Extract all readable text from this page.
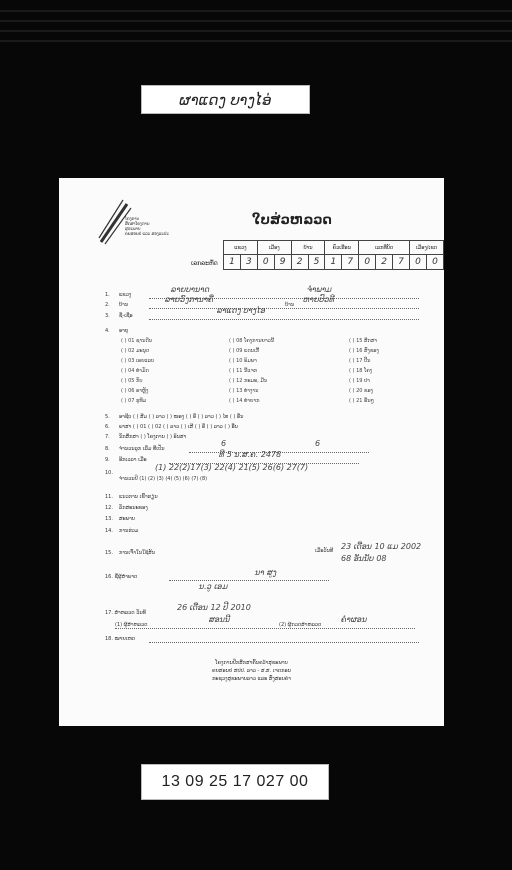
ຜາແດງ ບາງໄອ່
ໂຄງການ
ສຶກສາໂຄງການ
ສຸຂະພາບ
ຄຍສອນຢ ແລະ ສອງລະປະ
ໃບສ່ວຫລວດ
ເລກລະຫັດ
ແຂວງ		ເມືອງ		ບ້ານ		ຄົວເຮືອນ		ເລກທີ່ບັດ			ເມືອງ/ເຂດ	
1	3	0	9	2	5	1	7	0	2	7	0	0
1. ແຂວງ
ລາຍບານາດ	ຈຳພາມ
2. ບ້ານ
ລາຍວົງການາຄື
ບ້ານ
ຫາຍປົວທີ
3. ຊື່-ເຊື່ອ
ລາແດງ ບາງໄອ
4. ອາຍຸ
( ) 01 ຊານດີນ
( ) 02 ມະນຸດ
( ) 03 ເອຍແລບ
( ) 04 ທຳມັດ
( ) 05 ກັບ
( ) 06 ອາຫຼັງ
( ) 07 ຮູທີມ
( ) 08 ໂຄງການຍາວນີ້
( ) 09 ແດນເກື້
( ) 10 ອິມພາ
( ) 11 ນີ້ແຈກ
( ) 12 ກະມະ, ມືນ
( ) 13 ທຳງານ
( ) 14 ທຳຍາກ
( ) 15 ສຶກສາ
( ) 16 ສົ່ງຂອງ
( ) 17 ປື້ນ
( ) 18 ໂຄງ
( ) 19 ປາ
( ) 20 ຂອງ
( ) 21 ອື່ນໆ
5. ອາຊີບ ( ) ສີມ ( ) ລາວ ( ) ໜອງ ( ) ອີ່ ( ) ລາວ ( ) ໄທ ( ) ອື່ນ
6. ພາສາ ( ) 01 ( ) 02 ( ) ລາວ ( ) ເສີ ( ) ອີ່ ( ) ລາວ ( ) ອື່ນ
7. ນັກສຶກສາ ( ) ໂຄງການ ( ) ອິນສາ
8. ຈຳນວນລູກ ເລີ່ມ ທີ່ເປັນ
6	6
9. ອີກເວລາ ເມື່ອ
ທີ 5 ນ.ສ.ຄ. 2478
10.
ຈຳນວນປີ (1) (2) (3) (4) (5) (6) (7) (8)
(1) 22(2)17(3) 22(4) 21(5) 26(6) 27(7)
11. ແນວການ ເຂົ້າຮຽນ
12. ລັກສະນະຂອງ
13. ສະພາບ
14. ການຮ່ວມ
15. ການເຈົ້າໃນໃຊ້ສັນ	ເມື່ອວັນທີ 23 ເດືອນ 10 ແມ 2002
68 ອັນນັບ 08
16. ຊື່ຜູ້ສຳພາດ	ນາ ສູງ
ນ.ວູ ເອມ
17. ສຳຫລວດ ວັນທີ
26 ເດືອນ 12 ປີ 2010
(1) ຜູ້ສຳຫລວດ
ສອນນີ
(2) ຜູ້ກວດສຳຫລວດ
ຄຳຜອນ
18. ໝາຍເຫດ
ໂຄງການປືກສຶກສາຄົ້ນຄວ້າສຸຂະພາບ
ຄຍສອນຢ ສປປ. ລາວ - ສ.ສ. ເຈດກອນ
ກະຊວງສຸຂະພາບລາວ ແລະ ສົ່ງສອນຄຳ
13 09 25 17 027 00
